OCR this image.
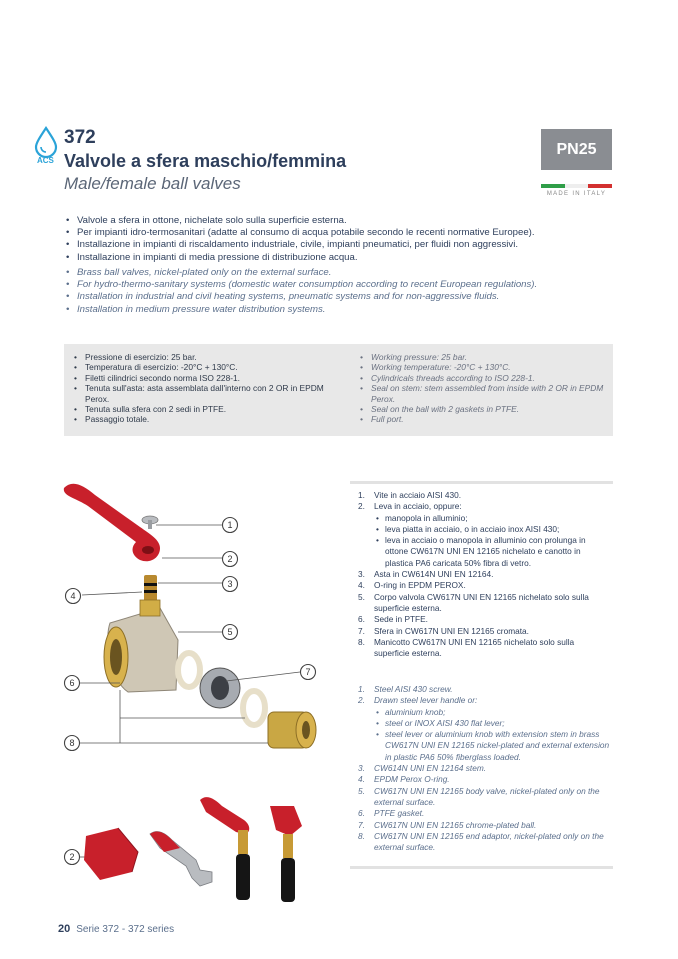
1
2
3
4
5
6
7
8
2
ACS
372
Valvole a sfera maschio/femmina
Male/female ball valves
PN25
MADE IN ITALY
• Valvole a sfera in ottone, nichelate solo sulla superficie esterna.
• Per impianti idro-termosanitari (adatte al consumo di acqua potabile secondo le recenti normative Europee).
• Installazione in impianti di riscaldamento industriale, civile, impianti pneumatici, per fluidi non aggressivi.
• Installazione in impianti di media pressione di distribuzione acqua.
• Brass ball valves, nickel-plated only on the external surface.
• For hydro-thermo-sanitary systems (domestic water consumption according to recent European regulations).
• Installation in industrial and civil heating systems, pneumatic systems and for non-aggressive fluids.
• Installation in medium pressure water distribution systems.
• Pressione di esercizio: 25 bar.
• Temperatura di esercizio: -20°C + 130°C.
• Filetti cilindrici secondo norma ISO 228-1.
• Tenuta sull'asta: asta assemblata dall'interno con 2 OR in EPDM Perox.
• Tenuta sulla sfera con 2 sedi in PTFE.
• Passaggio totale.
• Working pressure: 25 bar.
• Working temperature: -20°C + 130°C.
• Cylindricals threads according to ISO 228-1.
• Seal on stem: stem assembled from inside with 2 OR in EPDM Perox.
• Seal on the ball with 2 gaskets in PTFE.
• Full port.
1. Vite in acciaio AISI 430.
2. Leva in acciaio, oppure:
• manopola in alluminio;
• leva piatta in acciaio, o in acciaio inox AISI 430;
• leva in acciaio o manopola in alluminio con prolunga in ottone CW617N UNI EN 12165 nichelato e canotto in plastica PA6 caricata 50% fibra di vetro.
3. Asta in CW614N UNI EN 12164.
4. O-ring in EPDM PEROX.
5. Corpo valvola CW617N UNI EN 12165 nichelato solo sulla superficie esterna.
6. Sede in PTFE.
7. Sfera in CW617N UNI EN 12165 cromata.
8. Manicotto CW617N UNI EN 12165 nichelato solo sulla superficie esterna.
1. Steel AISI 430 screw.
2. Drawn steel lever handle or:
• aluminium knob;
• steel or INOX AISI 430 flat lever;
• steel lever or aluminium knob with extension stem in brass CW617N UNI EN 12165 nickel-plated and external extension in plastic PA6 50% fiberglass loaded.
3. CW614N UNI EN 12164 stem.
4. EPDM Perox O-ring.
5. CW617N UNI EN 12165 body valve, nickel-plated only on the external surface.
6. PTFE gasket.
7. CW617N UNI EN 12165 chrome-plated ball.
8. CW617N UNI EN 12165 end adaptor, nickel-plated only on the external surface.
20 Serie 372 - 372 series
